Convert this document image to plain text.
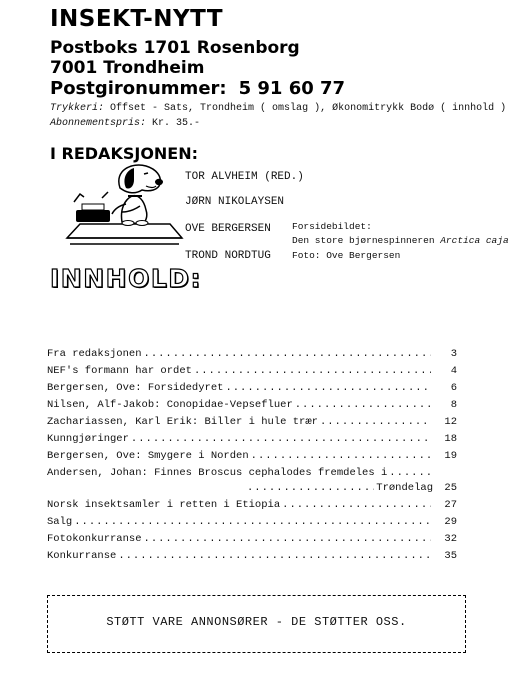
INSEKT-NYTT
Postboks 1701 Rosenborg
7001 Trondheim
Postgironummer: 5 91 60 77
Trykkeri: Offset - Sats, Trondheim ( omslag ), Økonomitrykk Bodø ( innhold )
Abonnementspris: Kr. 35.-
I REDAKSJONEN:
TOR ALVHEIM (RED.)
JØRN NIKOLAYSEN
OVE BERGERSEN
TROND NORDTUG
Forsidebildet:
Den store bjørnespinneren Arctica caja
Foto: Ove Bergersen
INNHOLD:
Fra redaksjonen .....	3
NEF's formann har ordet .....	4
Bergersen, Ove: Forsidedyret .....	6
Nilsen, Alf-Jakob: Conopidae-Vepsefluer .....	8
Zachariassen, Karl Erik: Biller i hule trær .....	12
Kunngjøringer .....	18
Bergersen, Ove: Smygere i Norden .....	19
Andersen, Johan: Finnes Broscus cephalodes fremdeles i
.....
.....
Trøndelag	25
Norsk insektsamler i retten i Etiopia .....	27
Salg .....	29
Fotokonkurranse .....	32
Konkurranse .....	35
STØTT VARE ANNONSØRER - DE STØTTER OSS.
